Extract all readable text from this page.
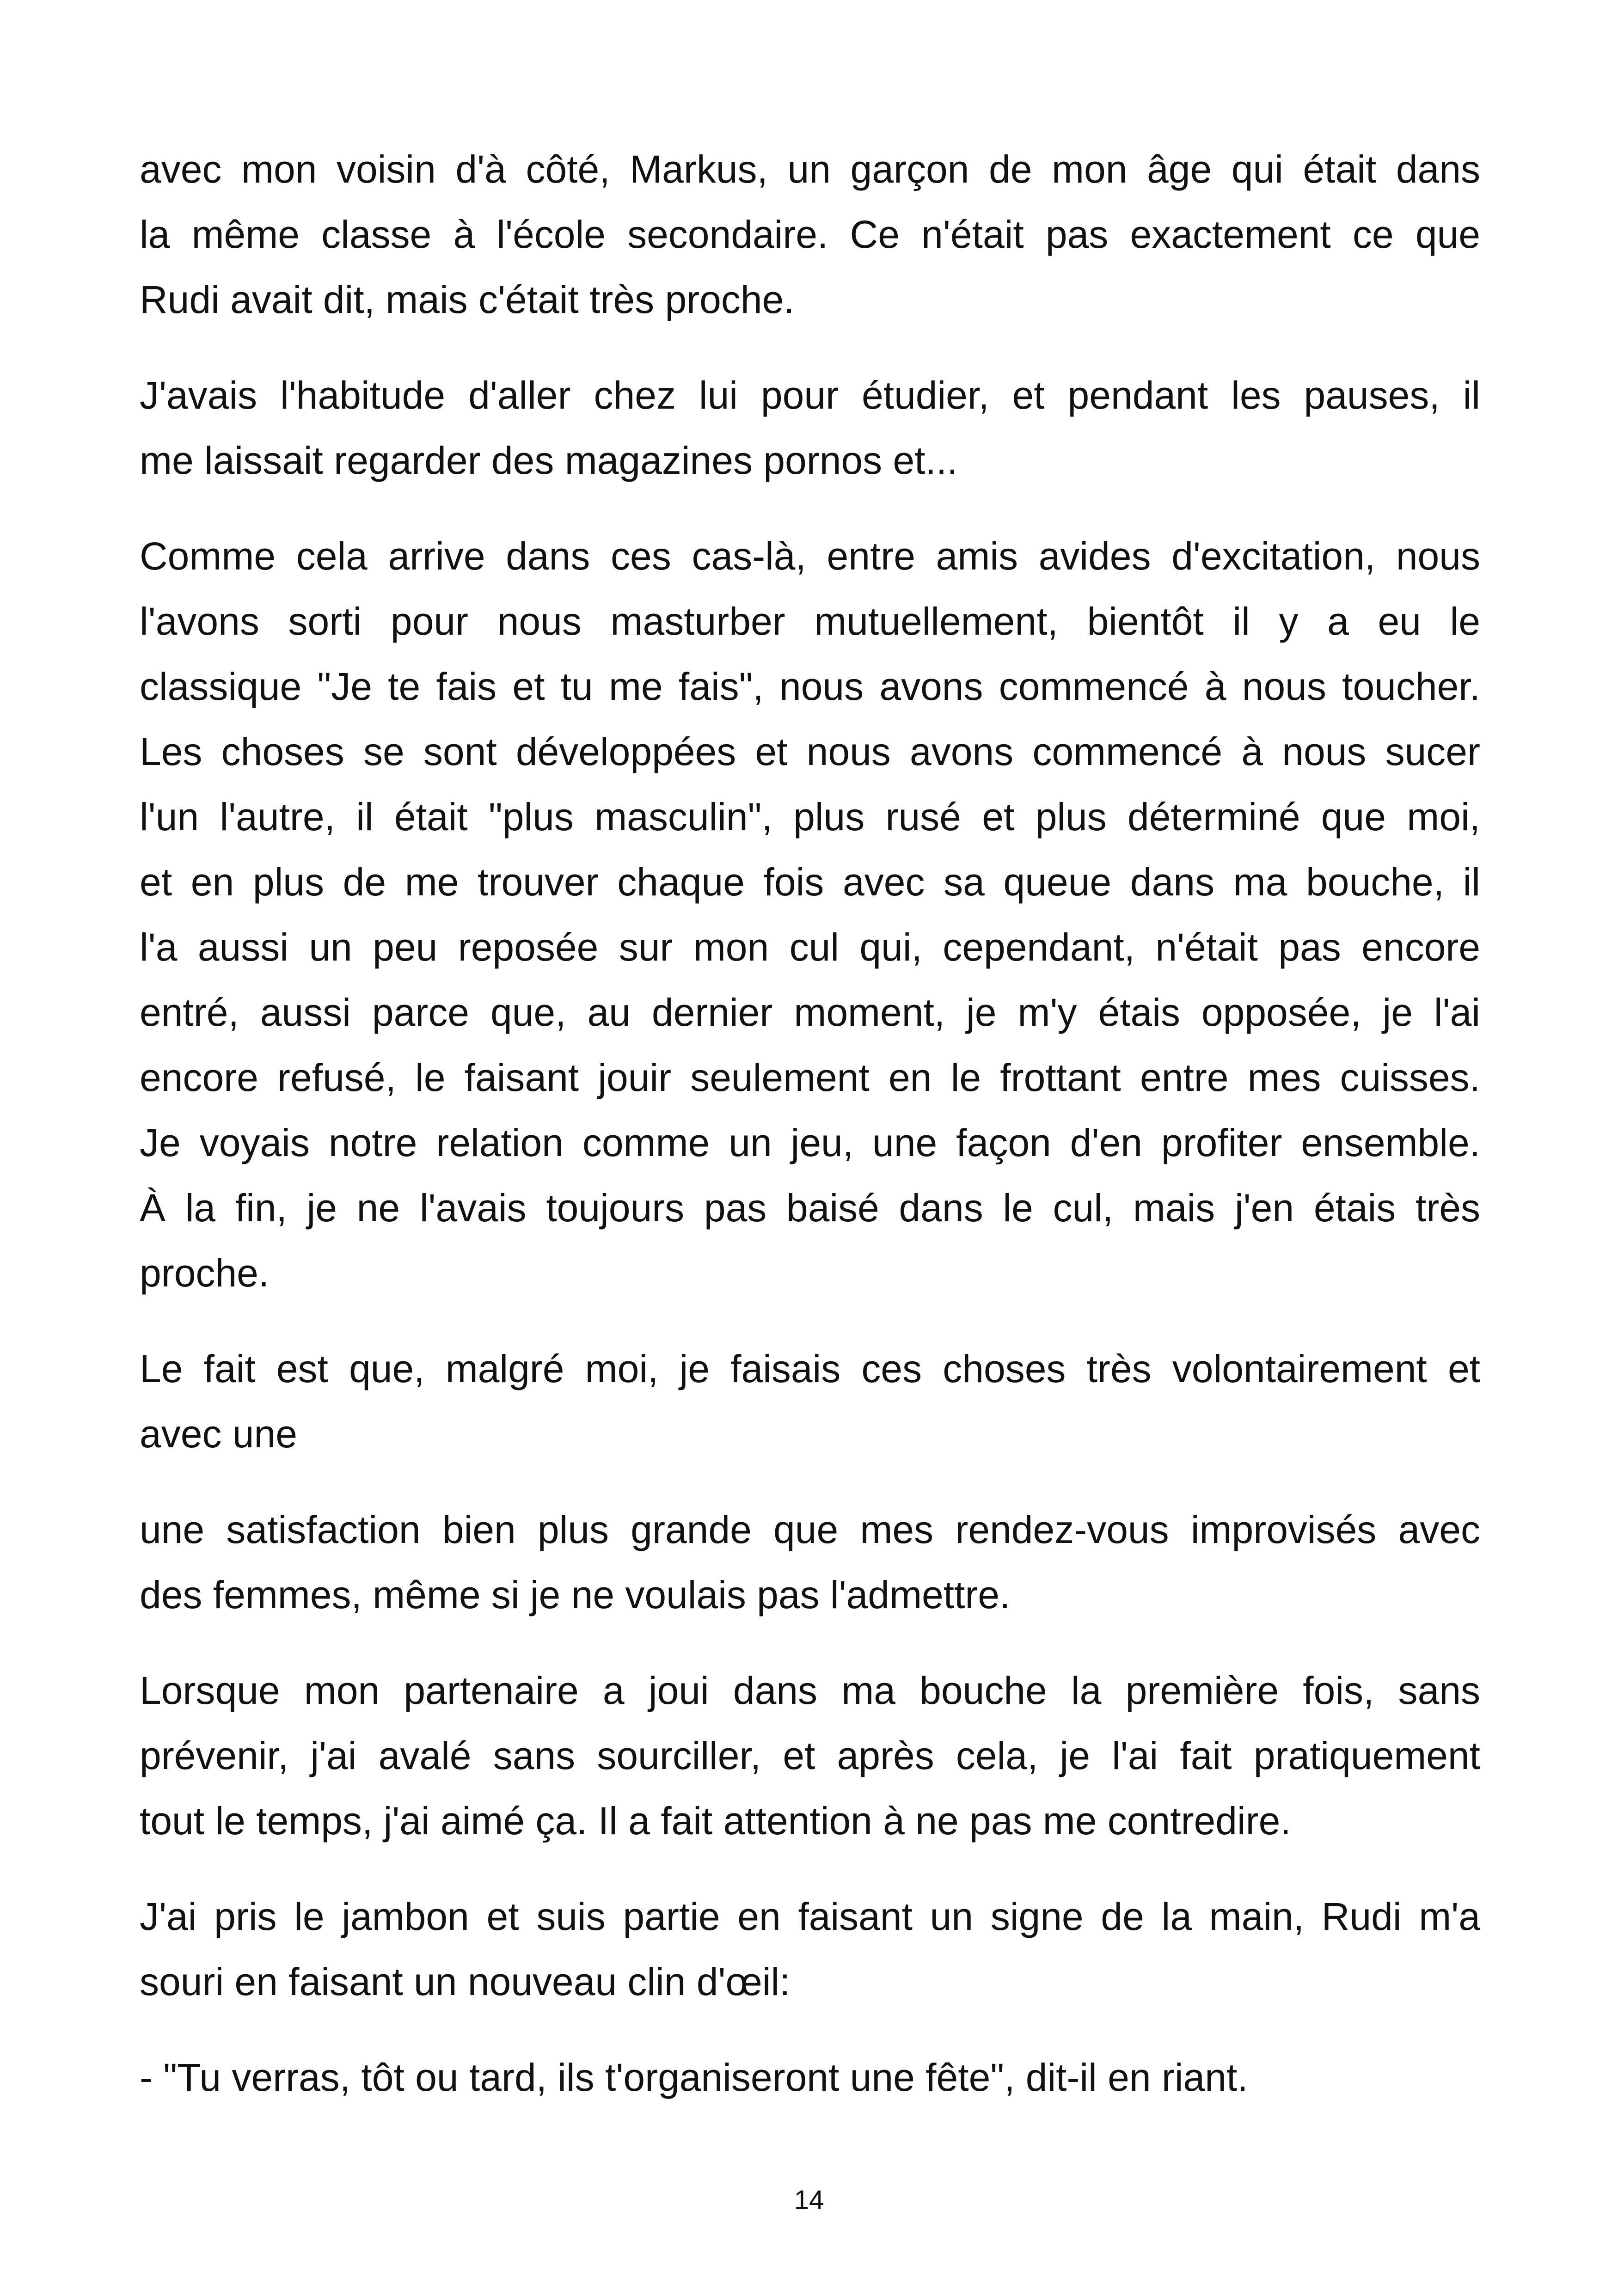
avec mon voisin d'à côté, Markus, un garçon de mon âge qui était dans
la même classe à l'école secondaire. Ce n'était pas exactement ce que
Rudi avait dit, mais c'était très proche.

J'avais l'habitude d'aller chez lui pour étudier, et pendant les pauses, il
me laissait regarder des magazines pornos et...

Comme cela arrive dans ces cas-là, entre amis avides d'excitation, nous
l'avons sorti pour nous masturber mutuellement, bientôt il y a eu le
classique "Je te fais et tu me fais", nous avons commencé à nous toucher.
Les choses se sont développées et nous avons commencé à nous sucer
l'un l'autre, il était "plus masculin", plus rusé et plus déterminé que moi,
et en plus de me trouver chaque fois avec sa queue dans ma bouche, il
l'a aussi un peu reposée sur mon cul qui, cependant, n'était pas encore
entré, aussi parce que, au dernier moment, je m'y étais opposée, je l'ai
encore refusé, le faisant jouir seulement en le frottant entre mes cuisses.
Je voyais notre relation comme un jeu, une façon d'en profiter ensemble.
À la fin, je ne l'avais toujours pas baisé dans le cul, mais j'en étais très
proche.

Le fait est que, malgré moi, je faisais ces choses très volontairement et
avec une

une satisfaction bien plus grande que mes rendez-vous improvisés avec
des femmes, même si je ne voulais pas l'admettre.

Lorsque mon partenaire a joui dans ma bouche la première fois, sans
prévenir, j'ai avalé sans sourciller, et après cela, je l'ai fait pratiquement
tout le temps, j'ai aimé ça. Il a fait attention à ne pas me contredire.

J'ai pris le jambon et suis partie en faisant un signe de la main, Rudi m'a
souri en faisant un nouveau clin d'œil:

- "Tu verras, tôt ou tard, ils t'organiseront une fête", dit-il en riant.

14
